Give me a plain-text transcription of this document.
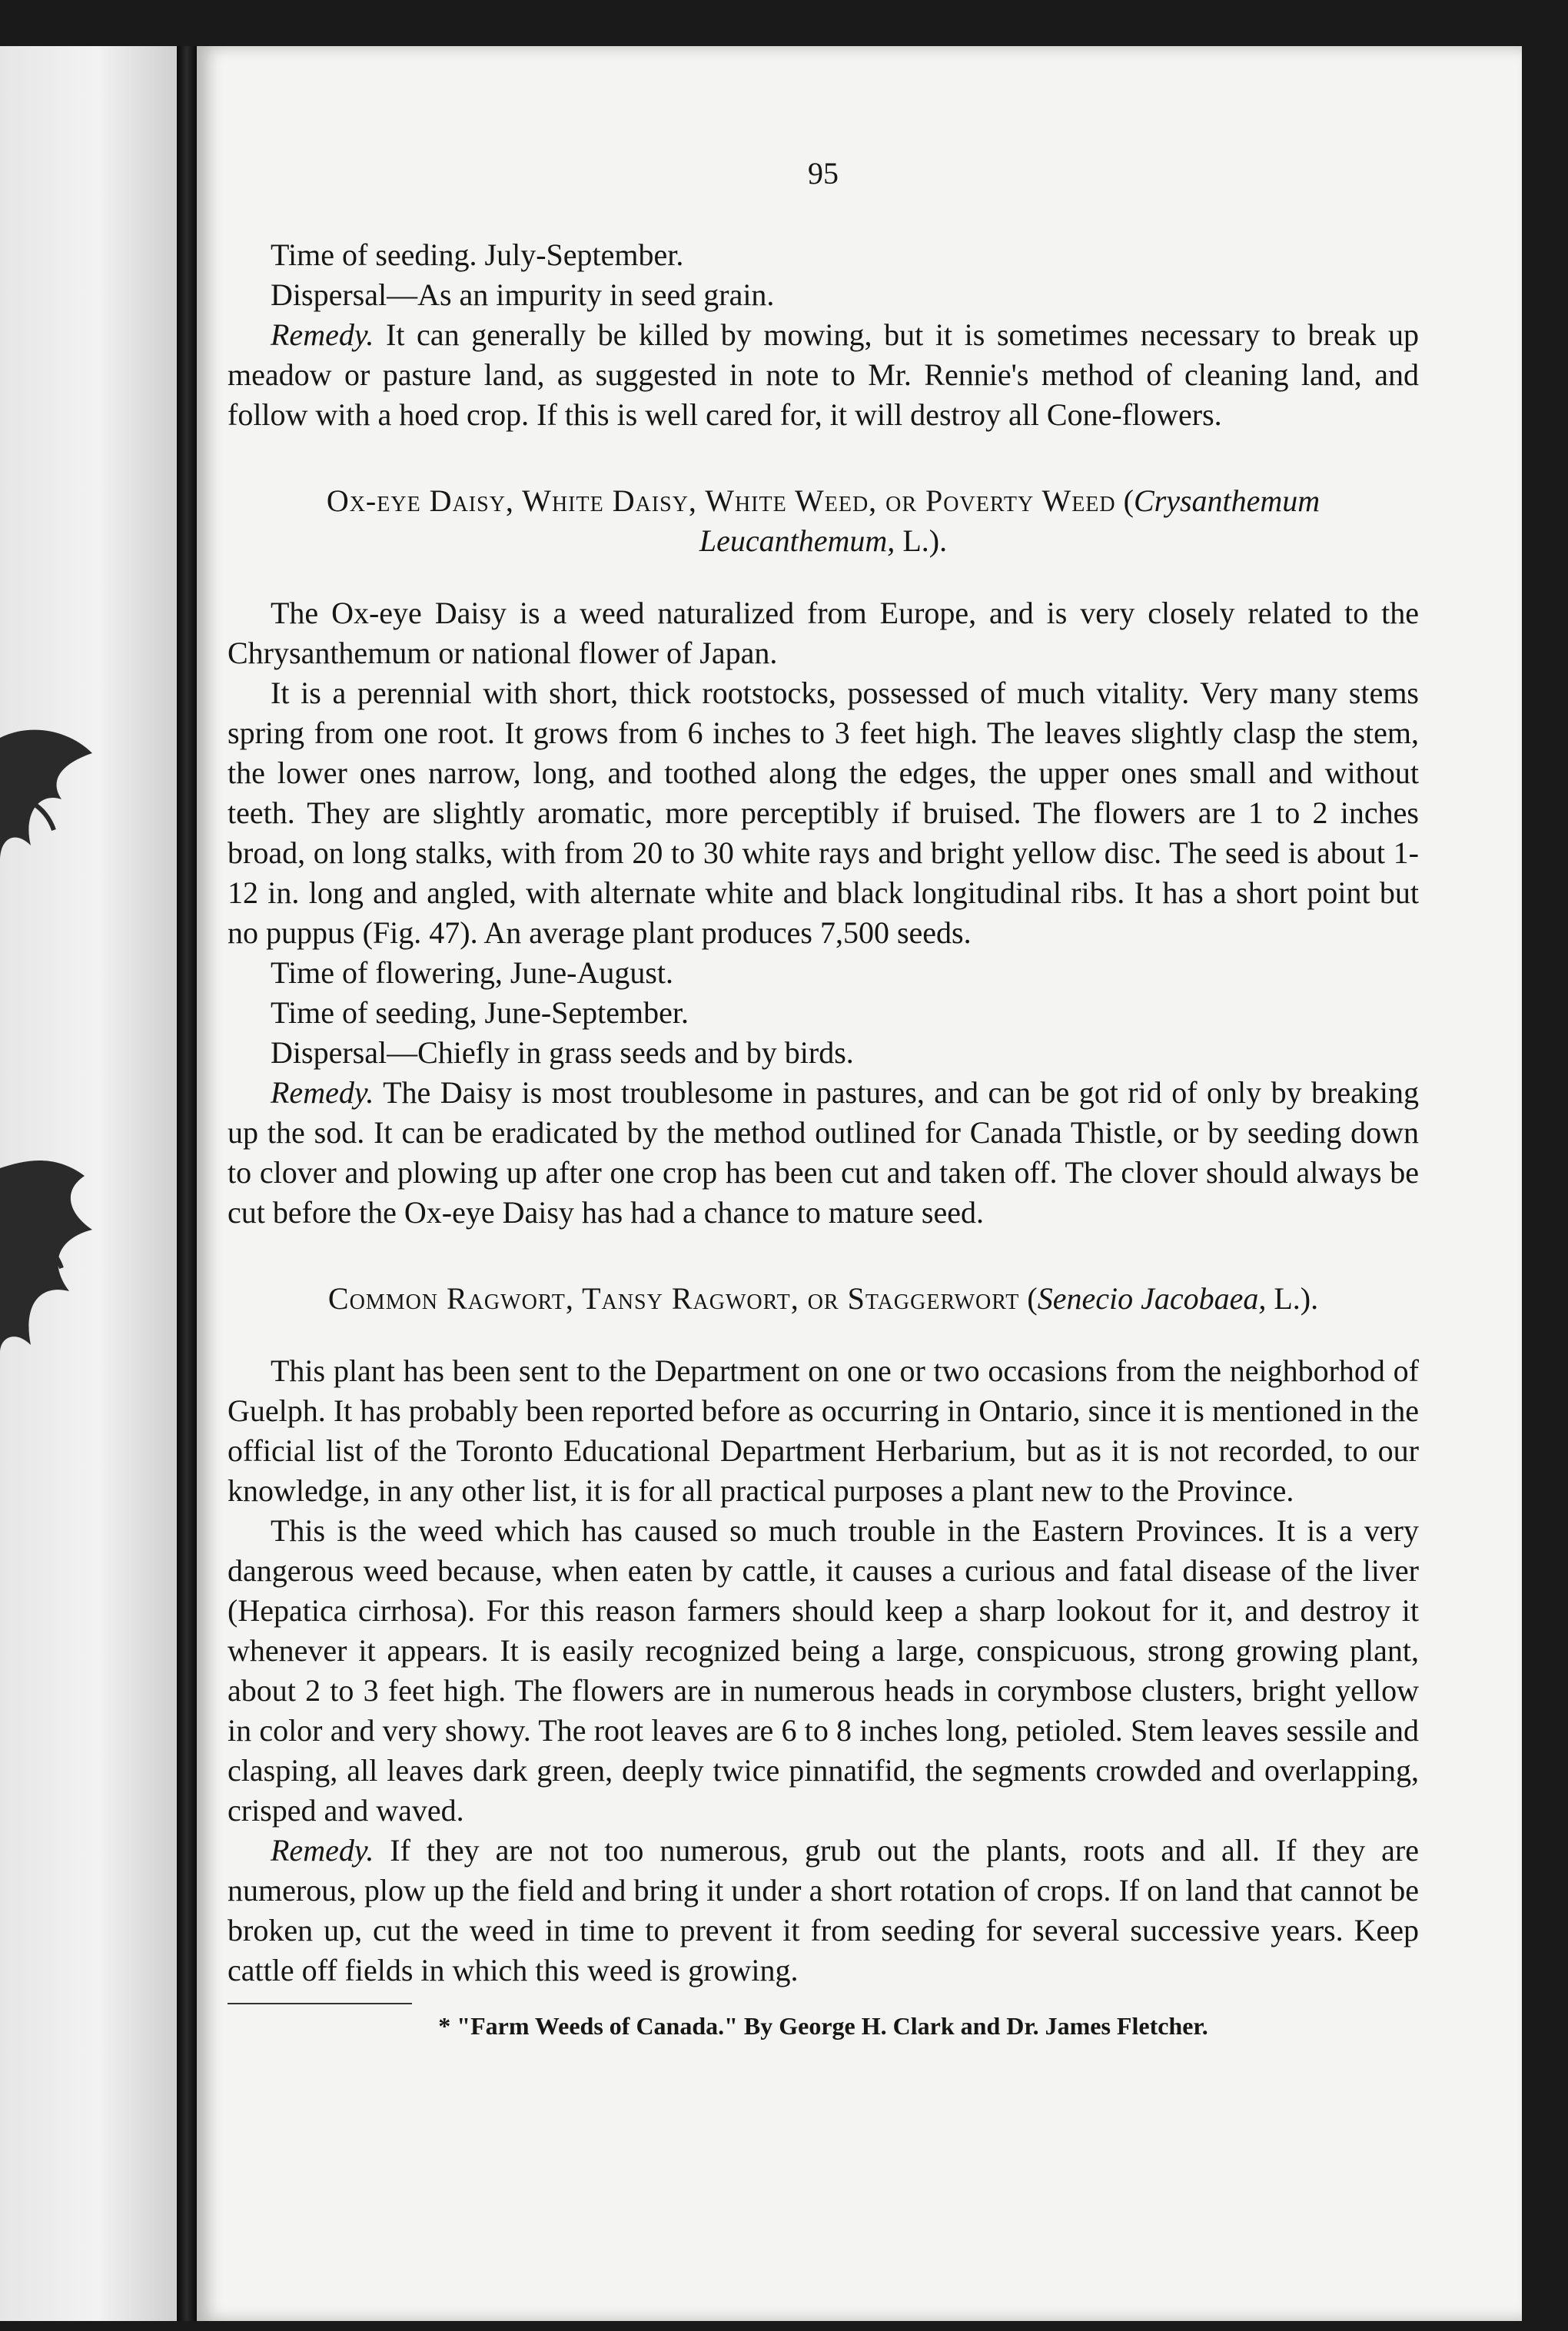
95

Time of seeding. July-September.

Dispersal—As an impurity in seed grain.

Remedy. It can generally be killed by mowing, but it is sometimes necessary to break up meadow or pasture land, as suggested in note to Mr. Rennie's method of cleaning land, and follow with a hoed crop. If this is well cared for, it will destroy all Cone-flowers.

Ox-eye Daisy, White Daisy, White Weed, or Poverty Weed (Crysanthemum Leucanthemum, L.).

The Ox-eye Daisy is a weed naturalized from Europe, and is very closely related to the Chrysanthemum or national flower of Japan.

It is a perennial with short, thick rootstocks, possessed of much vitality. Very many stems spring from one root. It grows from 6 inches to 3 feet high. The leaves slightly clasp the stem, the lower ones narrow, long, and toothed along the edges, the upper ones small and without teeth. They are slightly aromatic, more perceptibly if bruised. The flowers are 1 to 2 inches broad, on long stalks, with from 20 to 30 white rays and bright yellow disc. The seed is about 1-12 in. long and angled, with alternate white and black longitudinal ribs. It has a short point but no puppus (Fig. 47). An average plant produces 7,500 seeds.

Time of flowering, June-August.

Time of seeding, June-September.

Dispersal—Chiefly in grass seeds and by birds.

Remedy. The Daisy is most troublesome in pastures, and can be got rid of only by breaking up the sod. It can be eradicated by the method outlined for Canada Thistle, or by seeding down to clover and plowing up after one crop has been cut and taken off. The clover should always be cut before the Ox-eye Daisy has had a chance to mature seed.

Common Ragwort, Tansy Ragwort, or Staggerwort (Senecio Jacobaea, L.).

This plant has been sent to the Department on one or two occasions from the neighborhod of Guelph. It has probably been reported before as occurring in Ontario, since it is mentioned in the official list of the Toronto Educational Department Herbarium, but as it is not recorded, to our knowledge, in any other list, it is for all practical purposes a plant new to the Province.

This is the weed which has caused so much trouble in the Eastern Provinces. It is a very dangerous weed because, when eaten by cattle, it causes a curious and fatal disease of the liver (Hepatica cirrhosa). For this reason farmers should keep a sharp lookout for it, and destroy it whenever it appears. It is easily recognized being a large, conspicuous, strong growing plant, about 2 to 3 feet high. The flowers are in numerous heads in corymbose clusters, bright yellow in color and very showy. The root leaves are 6 to 8 inches long, petioled. Stem leaves sessile and clasping, all leaves dark green, deeply twice pinnatifid, the segments crowded and overlapping, crisped and waved.

Remedy. If they are not too numerous, grub out the plants, roots and all. If they are numerous, plow up the field and bring it under a short rotation of crops. If on land that cannot be broken up, cut the weed in time to prevent it from seeding for several successive years. Keep cattle off fields in which this weed is growing.

* "Farm Weeds of Canada." By George H. Clark and Dr. James Fletcher.
